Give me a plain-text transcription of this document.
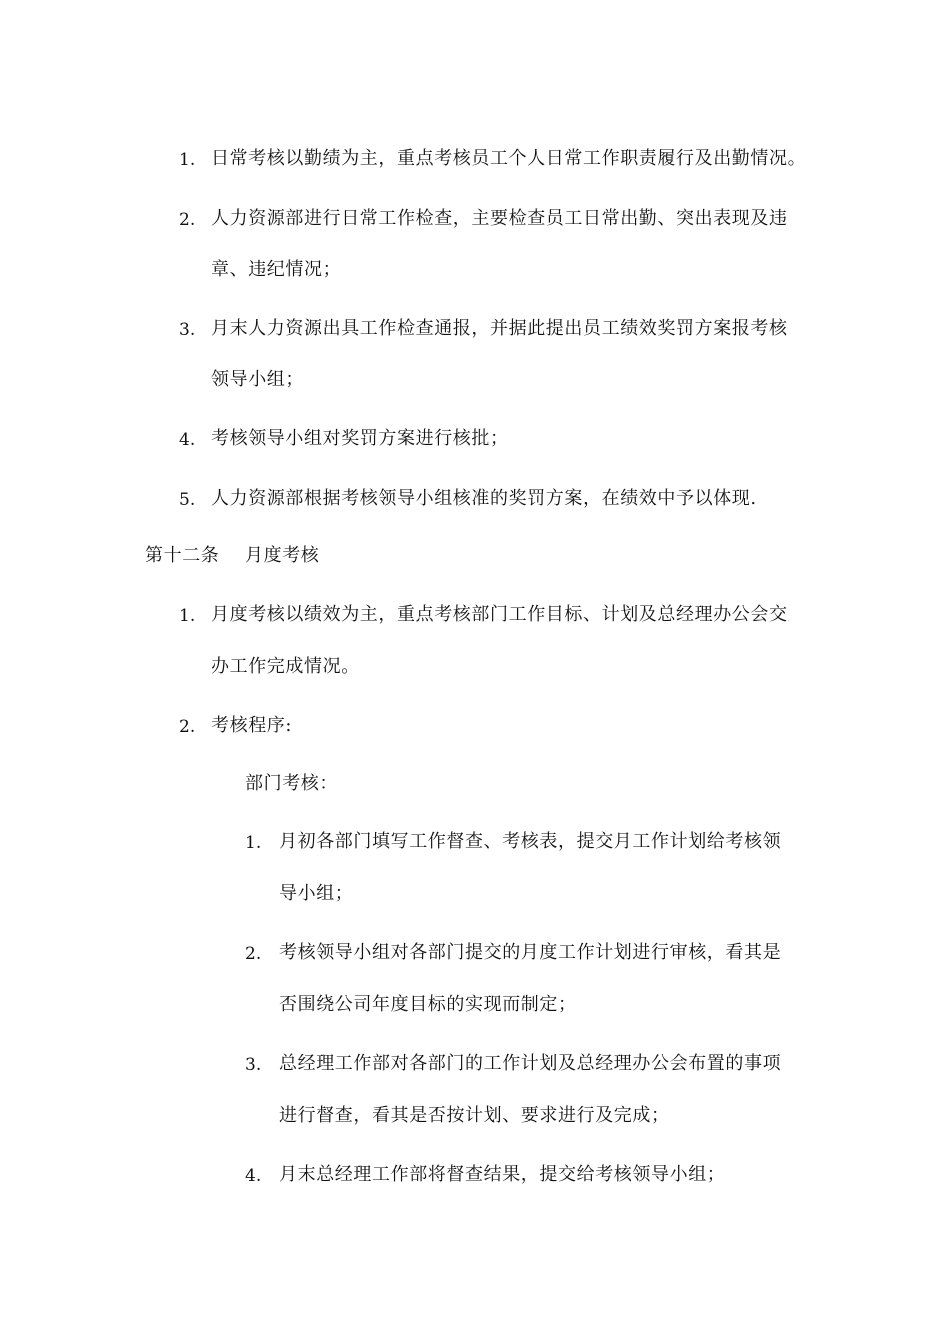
1. 日常考核以勤绩为主，重点考核员工个人日常工作职责履行及出勤情况。
2. 人力资源部进行日常工作检查，主要检查员工日常出勤、突出表现及违
章、违纪情况；
3. 月末人力资源出具工作检查通报，并据此提出员工绩效奖罚方案报考核
领导小组；
4. 考核领导小组对奖罚方案进行核批；
5. 人力资源部根据考核领导小组核准的奖罚方案，在绩效中予以体现.
第十二条 月度考核
1. 月度考核以绩效为主，重点考核部门工作目标、计划及总经理办公会交
办工作完成情况。
2. 考核程序:
部门考核：
1. 月初各部门填写工作督查、考核表，提交月工作计划给考核领
导小组；
2. 考核领导小组对各部门提交的月度工作计划进行审核，看其是
否围绕公司年度目标的实现而制定；
3. 总经理工作部对各部门的工作计划及总经理办公会布置的事项
进行督查，看其是否按计划、要求进行及完成；
4. 月末总经理工作部将督查结果，提交给考核领导小组；
